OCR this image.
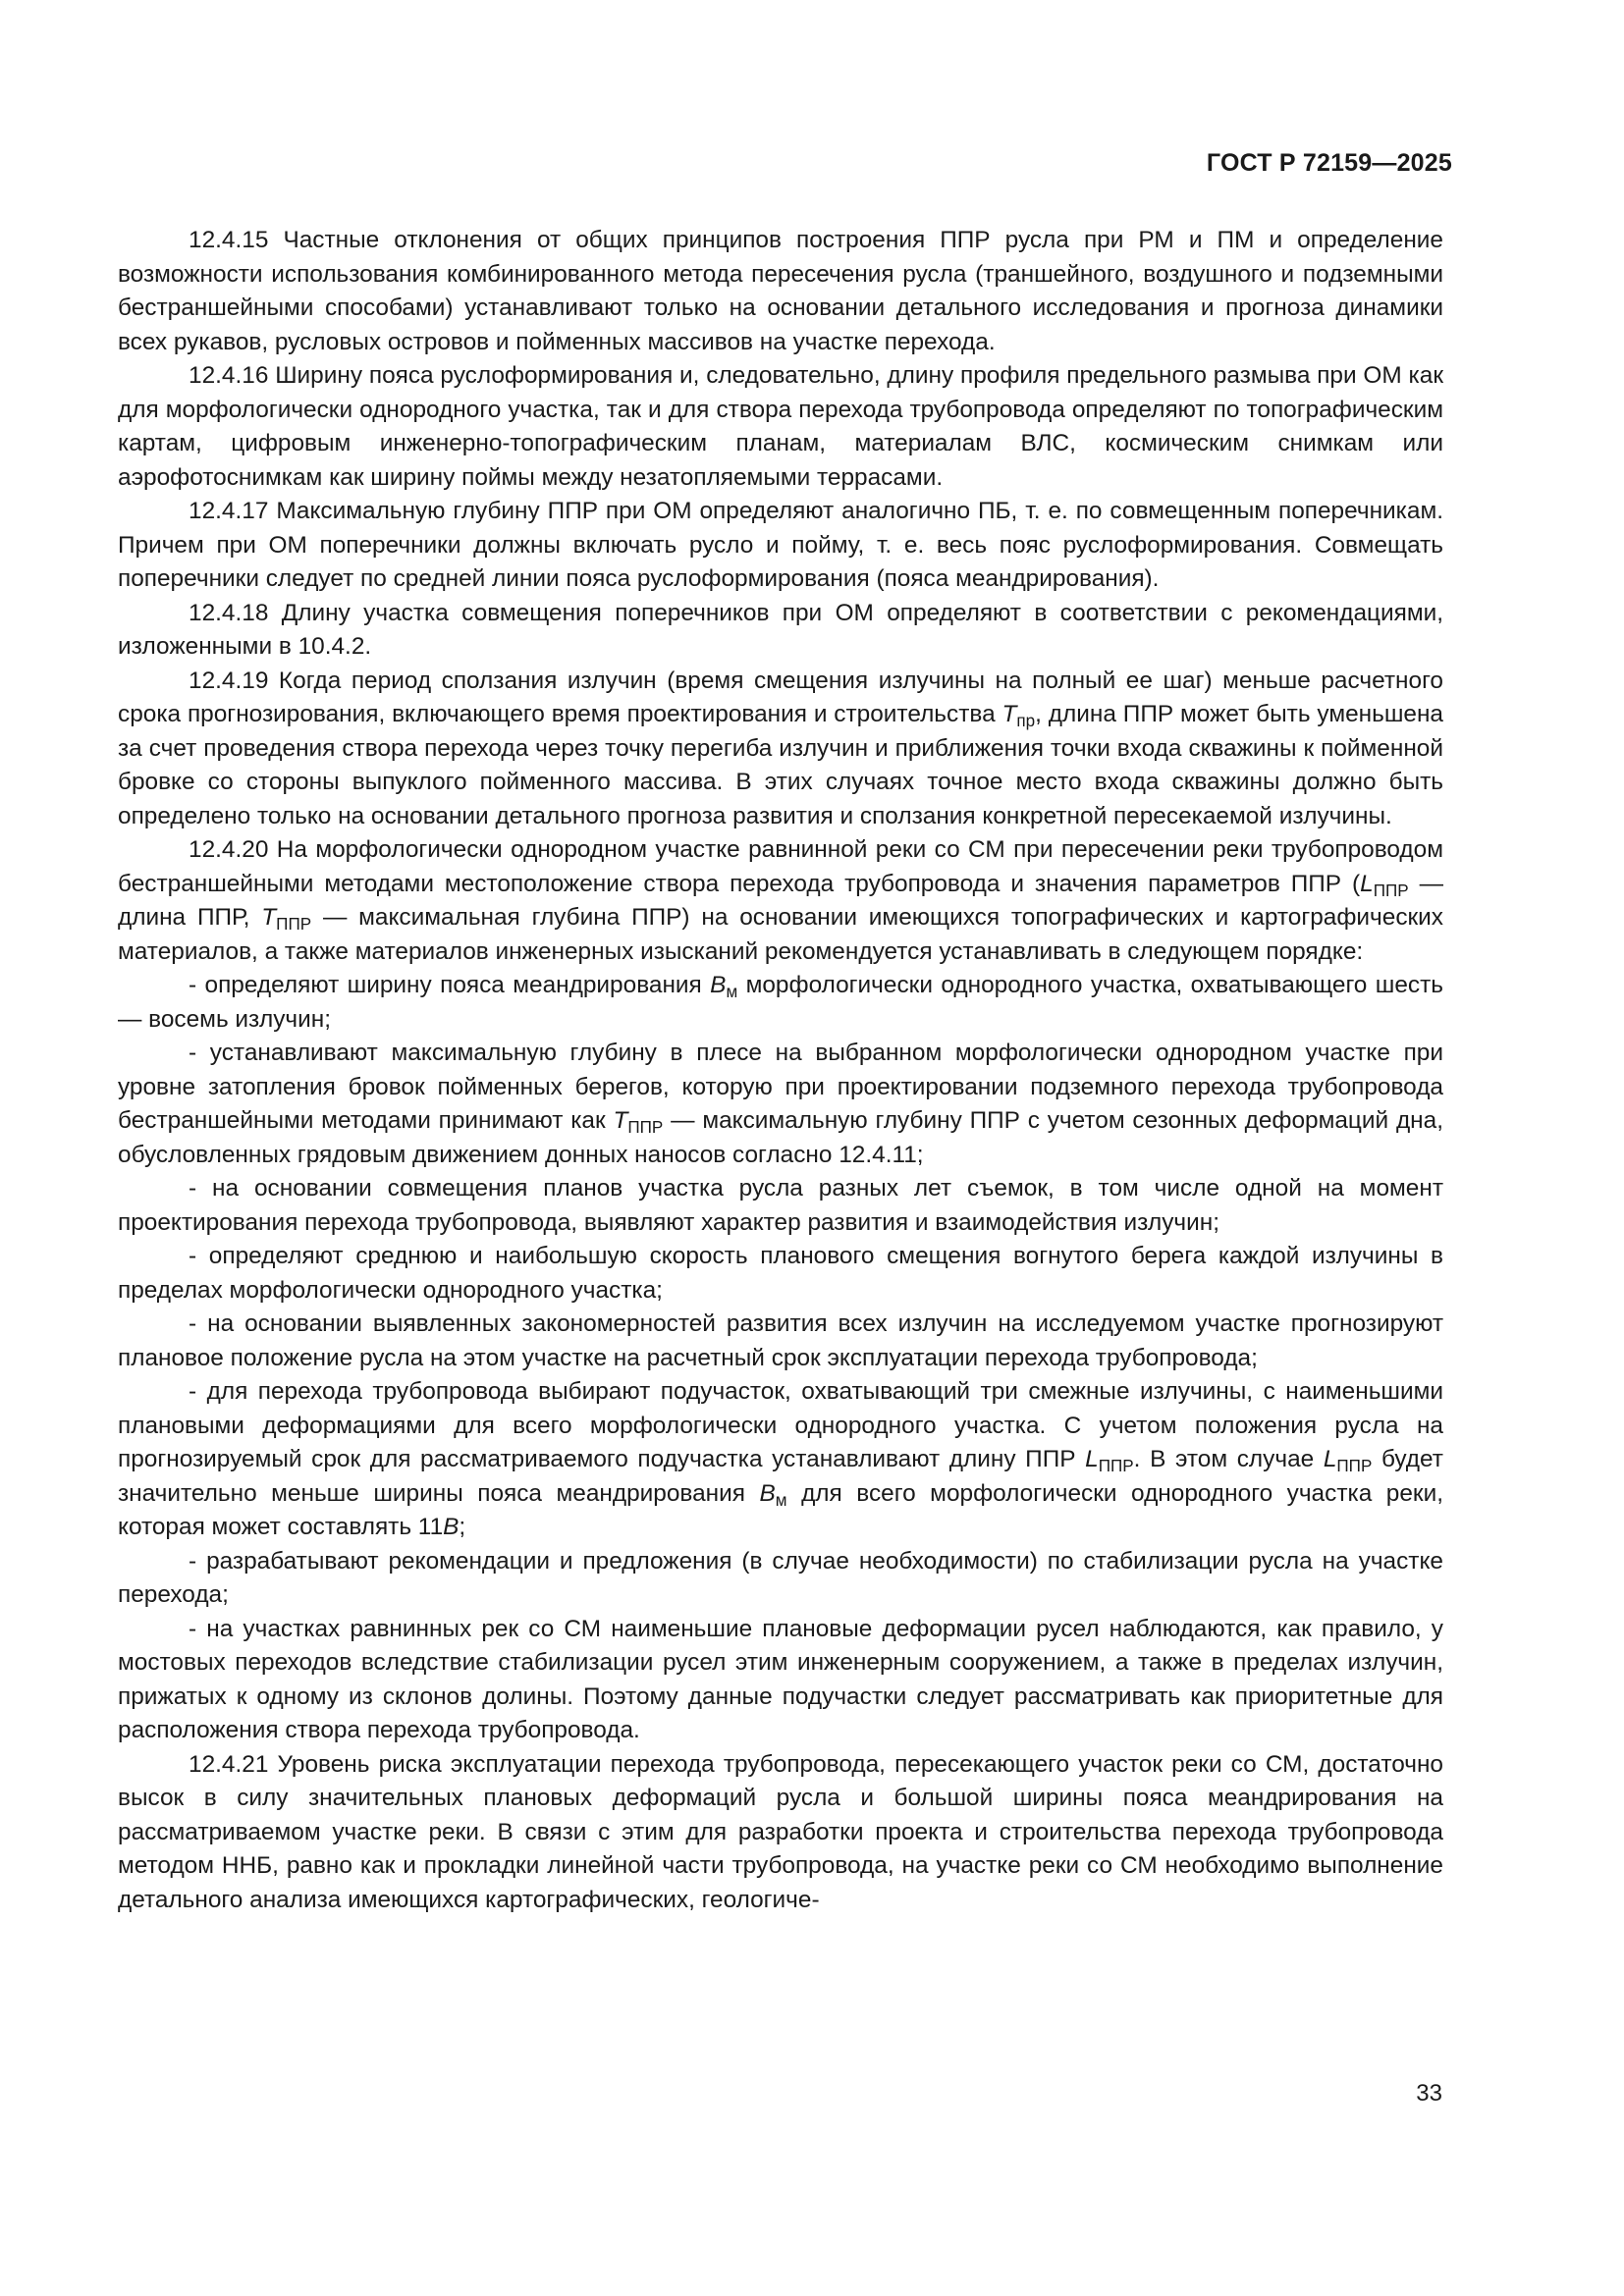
ГОСТ Р 72159—2025

12.4.15 Частные отклонения от общих принципов построения ППР русла при РМ и ПМ и определение возможности использования комбинированного метода пересечения русла (траншейного, воздушного и подземными бестраншейными способами) устанавливают только на основании детального исследования и прогноза динамики всех рукавов, русловых островов и пойменных массивов на участке перехода.

12.4.16 Ширину пояса руслоформирования и, следовательно, длину профиля предельного размыва при ОМ как для морфологически однородного участка, так и для створа перехода трубопровода определяют по топографическим картам, цифровым инженерно-топографическим планам, материалам ВЛС, космическим снимкам или аэрофотоснимкам как ширину поймы между незатопляемыми террасами.

12.4.17 Максимальную глубину ППР при ОМ определяют аналогично ПБ, т. е. по совмещенным поперечникам. Причем при ОМ поперечники должны включать русло и пойму, т. е. весь пояс руслоформирования. Совмещать поперечники следует по средней линии пояса руслоформирования (пояса меандрирования).

12.4.18 Длину участка совмещения поперечников при ОМ определяют в соответствии с рекомендациями, изложенными в 10.4.2.

12.4.19 Когда период сползания излучин (время смещения излучины на полный ее шаг) меньше расчетного срока прогнозирования, включающего время проектирования и строительства $T_{пр}$, длина ППР может быть уменьшена за счет проведения створа перехода через точку перегиба излучин и приближения точки входа скважины к пойменной бровке со стороны выпуклого пойменного массива. В этих случаях точное место входа скважины должно быть определено только на основании детального прогноза развития и сползания конкретной пересекаемой излучины.

12.4.20 На морфологически однородном участке равнинной реки со СМ при пересечении реки трубопроводом бестраншейными методами местоположение створа перехода трубопровода и значения параметров ППР ($L_{ППР}$ — длина ППР, $T_{ППР}$ — максимальная глубина ППР) на основании имеющихся топографических и картографических материалов, а также материалов инженерных изысканий рекомендуется устанавливать в следующем порядке:

- определяют ширину пояса меандрирования $B_м$ морфологически однородного участка, охватывающего шесть — восемь излучин;

- устанавливают максимальную глубину в плесе на выбранном морфологически однородном участке при уровне затопления бровок пойменных берегов, которую при проектировании подземного перехода трубопровода бестраншейными методами принимают как $T_{ППР}$ — максимальную глубину ППР с учетом сезонных деформаций дна, обусловленных грядовым движением донных наносов согласно 12.4.11;

- на основании совмещения планов участка русла разных лет съемок, в том числе одной на момент проектирования перехода трубопровода, выявляют характер развития и взаимодействия излучин;

- определяют среднюю и наибольшую скорость планового смещения вогнутого берега каждой излучины в пределах морфологически однородного участка;

- на основании выявленных закономерностей развития всех излучин на исследуемом участке прогнозируют плановое положение русла на этом участке на расчетный срок эксплуатации перехода трубопровода;

- для перехода трубопровода выбирают подучасток, охватывающий три смежные излучины, с наименьшими плановыми деформациями для всего морфологически однородного участка. С учетом положения русла на прогнозируемый срок для рассматриваемого подучастка устанавливают длину ППР $L_{ППР}$. В этом случае $L_{ППР}$ будет значительно меньше ширины пояса меандрирования $B_м$ для всего морфологически однородного участка реки, которая может составлять 11B;

- разрабатывают рекомендации и предложения (в случае необходимости) по стабилизации русла на участке перехода;

- на участках равнинных рек со СМ наименьшие плановые деформации русел наблюдаются, как правило, у мостовых переходов вследствие стабилизации русел этим инженерным сооружением, а также в пределах излучин, прижатых к одному из склонов долины. Поэтому данные подучастки следует рассматривать как приоритетные для расположения створа перехода трубопровода.

12.4.21 Уровень риска эксплуатации перехода трубопровода, пересекающего участок реки со СМ, достаточно высок в силу значительных плановых деформаций русла и большой ширины пояса меандрирования на рассматриваемом участке реки. В связи с этим для разработки проекта и строительства перехода трубопровода методом ННБ, равно как и прокладки линейной части трубопровода, на участке реки со СМ необходимо выполнение детального анализа имеющихся картографических, геологиче-

33
